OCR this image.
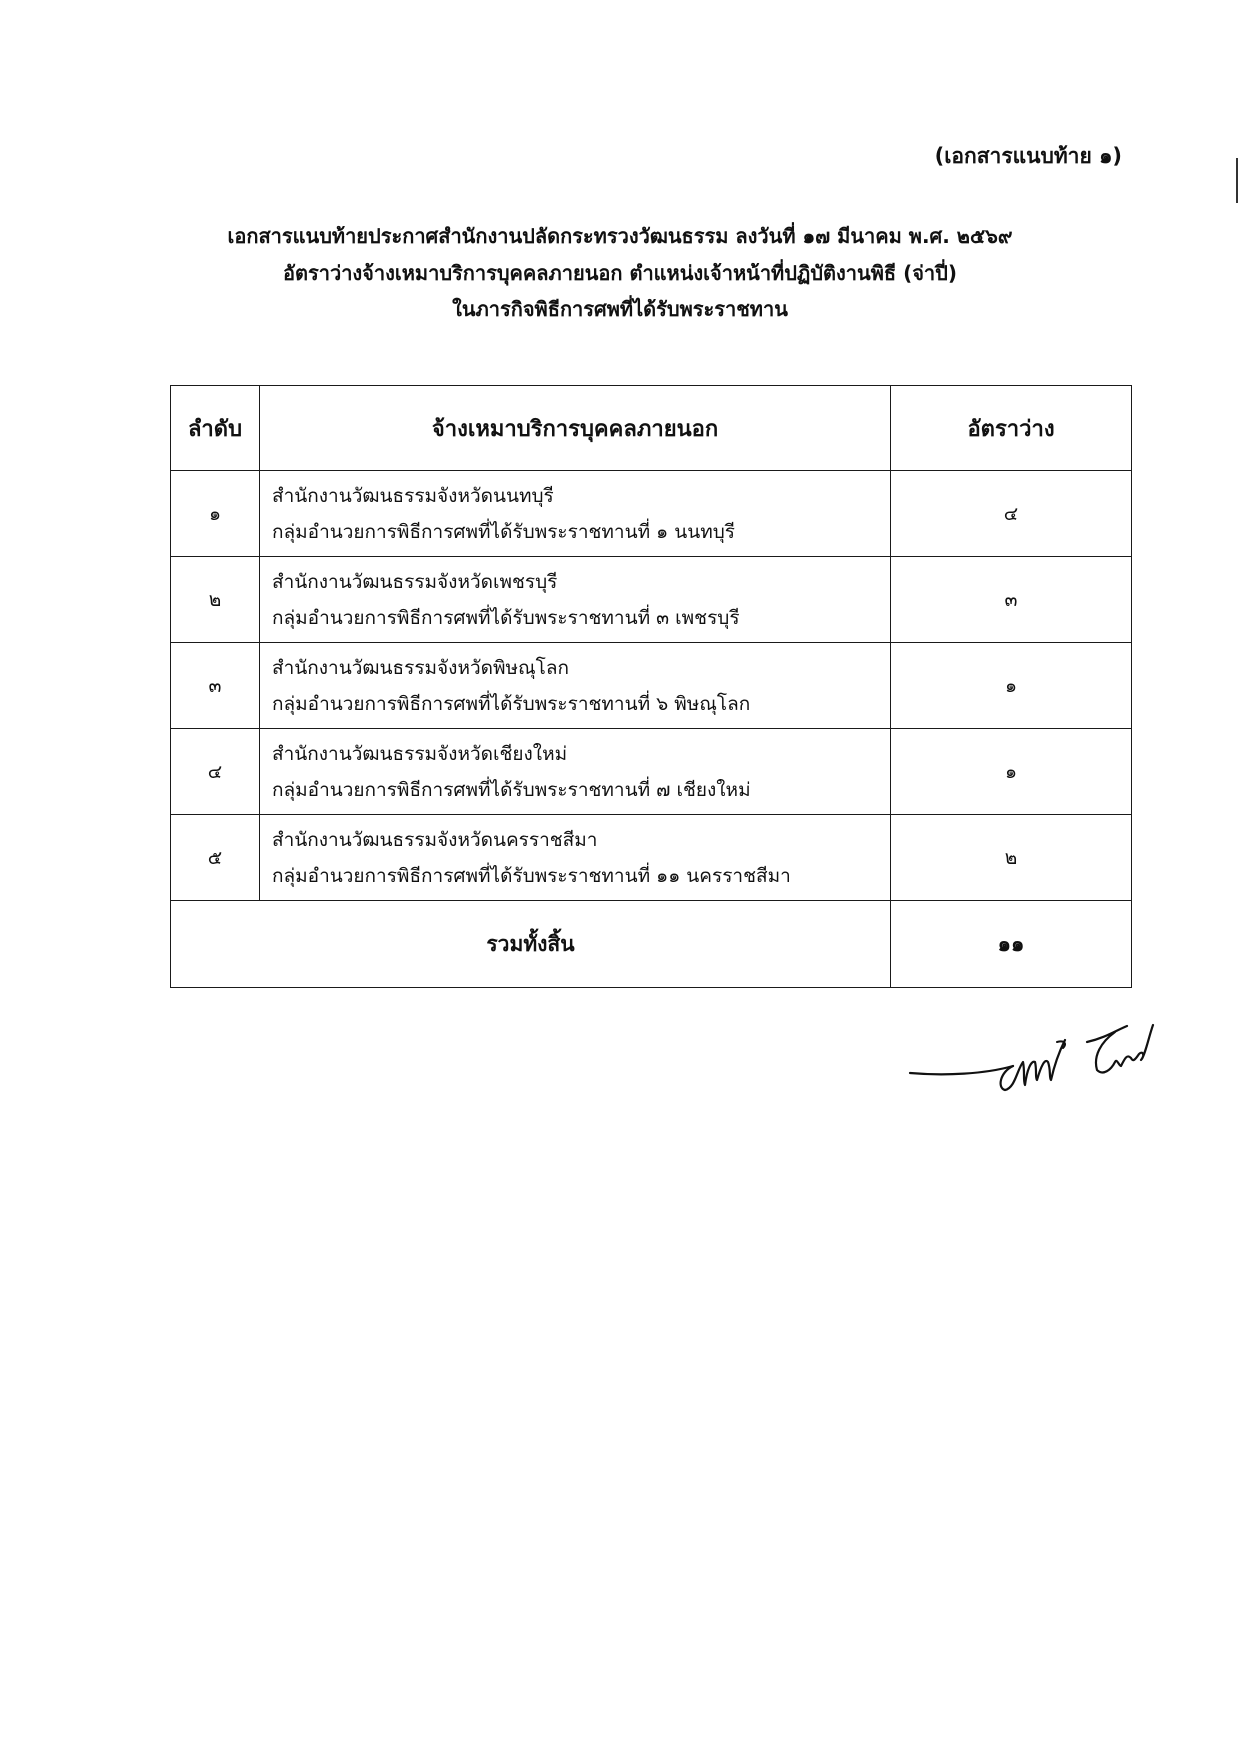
(เอกสารแนบท้าย ๑)
เอกสารแนบท้ายประกาศสำนักงานปลัดกระทรวงวัฒนธรรม ลงวันที่ ๑๗ มีนาคม พ.ศ. ๒๕๖๙
อัตราว่างจ้างเหมาบริการบุคคลภายนอก ตำแหน่งเจ้าหน้าที่ปฏิบัติงานพิธี (จ่าปี่)
ในภารกิจพิธีการศพที่ได้รับพระราชทาน
ลำดับ	จ้างเหมาบริการบุคคลภายนอก	อัตราว่าง
๑	สำนักงานวัฒนธรรมจังหวัดนนทบุรี
กลุ่มอำนวยการพิธีการศพที่ได้รับพระราชทานที่ ๑ นนทบุรี	๔
๒	สำนักงานวัฒนธรรมจังหวัดเพชรบุรี
กลุ่มอำนวยการพิธีการศพที่ได้รับพระราชทานที่ ๓ เพชรบุรี	๓
๓	สำนักงานวัฒนธรรมจังหวัดพิษณุโลก
กลุ่มอำนวยการพิธีการศพที่ได้รับพระราชทานที่ ๖ พิษณุโลก	๑
๔	สำนักงานวัฒนธรรมจังหวัดเชียงใหม่
กลุ่มอำนวยการพิธีการศพที่ได้รับพระราชทานที่ ๗ เชียงใหม่	๑
๕	สำนักงานวัฒนธรรมจังหวัดนครราชสีมา
กลุ่มอำนวยการพิธีการศพที่ได้รับพระราชทานที่ ๑๑ นครราชสีมา	๒
รวมทั้งสิ้น		๑๑
